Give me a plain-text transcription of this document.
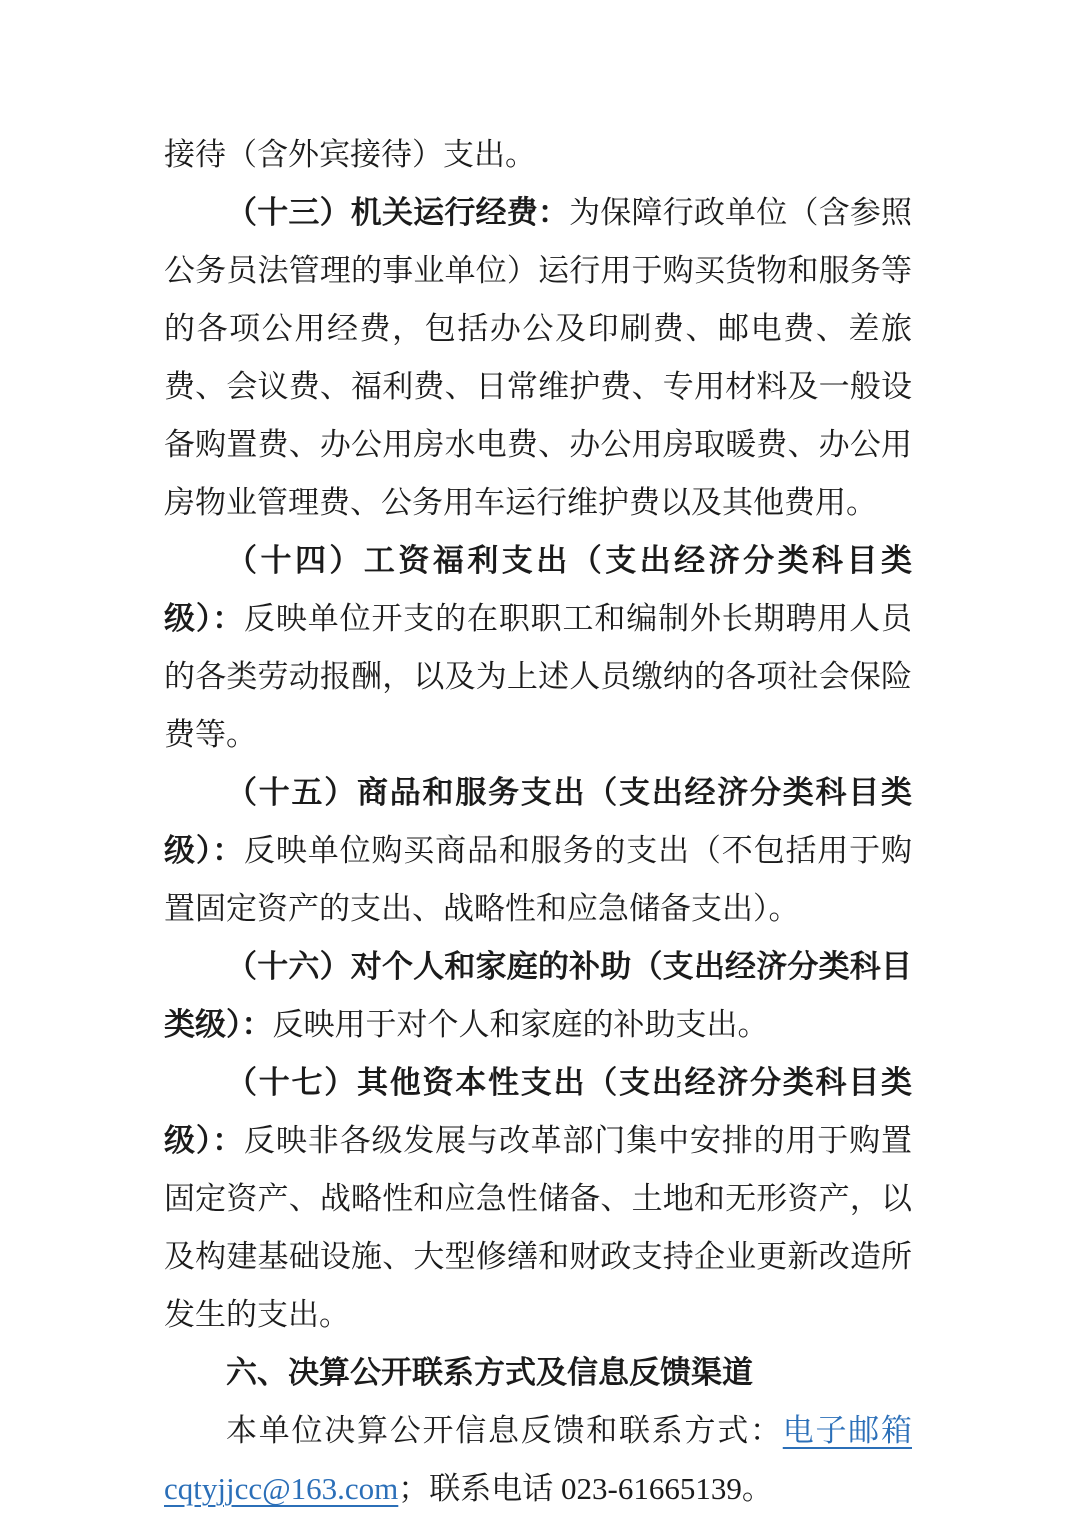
接待（含外宾接待）支出。

（十三）机关运行经费：为保障行政单位（含参照公务员法管理的事业单位）运行用于购买货物和服务等的各项公用经费，包括办公及印刷费、邮电费、差旅费、会议费、福利费、日常维护费、专用材料及一般设备购置费、办公用房水电费、办公用房取暖费、办公用房物业管理费、公务用车运行维护费以及其他费用。

（十四）工资福利支出（支出经济分类科目类级）：反映单位开支的在职职工和编制外长期聘用人员的各类劳动报酬，以及为上述人员缴纳的各项社会保险费等。

（十五）商品和服务支出（支出经济分类科目类级）：反映单位购买商品和服务的支出（不包括用于购置固定资产的支出、战略性和应急储备支出）。

（十六）对个人和家庭的补助（支出经济分类科目类级）：反映用于对个人和家庭的补助支出。

（十七）其他资本性支出（支出经济分类科目类级）：反映非各级发展与改革部门集中安排的用于购置固定资产、战略性和应急性储备、土地和无形资产，以及构建基础设施、大型修缮和财政支持企业更新改造所发生的支出。

六、决算公开联系方式及信息反馈渠道

本单位决算公开信息反馈和联系方式：电子邮箱cqtyjjcc@163.com；联系电话 023-61665139。
